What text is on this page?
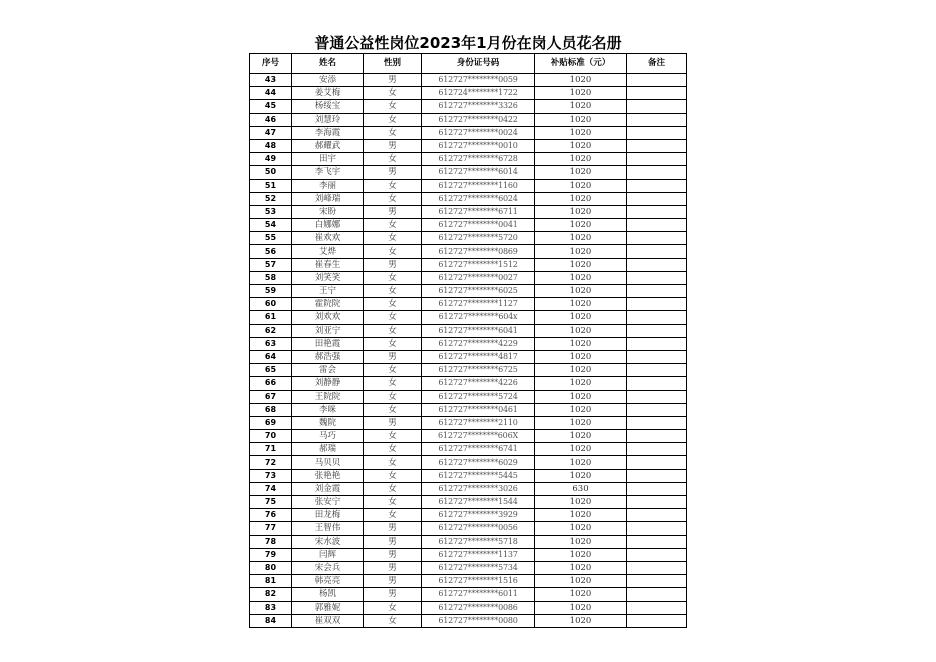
普通公益性岗位2023年1月份在岗人员花名册
序号	姓名	性别	身份证号码	补贴标准（元）	备注
43	安添	男	612727********0059	1020	
44	姜艾梅	女	612724********1722	1020	
45	杨绥宝	女	612727********3326	1020	
46	刘慧玲	女	612727********0422	1020	
47	李海霞	女	612727********0024	1020	
48	郝耀武	男	612727********0010	1020	
49	田宇	女	612727********6728	1020	
50	李飞宇	男	612727********6014	1020	
51	李丽	女	612727********1160	1020	
52	刘峰瑞	女	612727********6024	1020	
53	宋盼	男	612727********6711	1020	
54	白娜娜	女	612727********0041	1020	
55	崔欢欢	女	612727********5720	1020	
56	艾烨	女	612727********0869	1020	
57	崔春生	男	612727********1512	1020	
58	刘笑笑	女	612727********0027	1020	
59	王宁	女	612727********6025	1020	
60	霍院院	女	612727********1127	1020	
61	刘欢欢	女	612727********604x	1020	
62	刘亚宁	女	612727********6041	1020	
63	田艳霞	女	612727********4229	1020	
64	郝浩强	男	612727********4817	1020	
65	雷会	女	612727********6725	1020	
66	刘静静	女	612727********4226	1020	
67	王院院	女	612727********5724	1020	
68	李咪	女	612727********0461	1020	
69	魏院	男	612727********2110	1020	
70	马巧	女	612727********606X	1020	
71	郝瑞	女	612727********6741	1020	
72	马贝贝	女	612727********6029	1020	
73	张艳艳	女	612727********5445	1020	
74	刘金霞	女	612727********3026	630	
75	张安宁	女	612727********1544	1020	
76	田龙梅	女	612727********3929	1020	
77	王智伟	男	612727********0056	1020	
78	宋水波	男	612727********5718	1020	
79	闫辉	男	612727********1137	1020	
80	宋会兵	男	612727********5734	1020	
81	韩亮亮	男	612727********1516	1020	
82	杨凯	男	612727********6011	1020	
83	郭雅妮	女	612727********0086	1020	
84	崔双双	女	612727********0080	1020	
